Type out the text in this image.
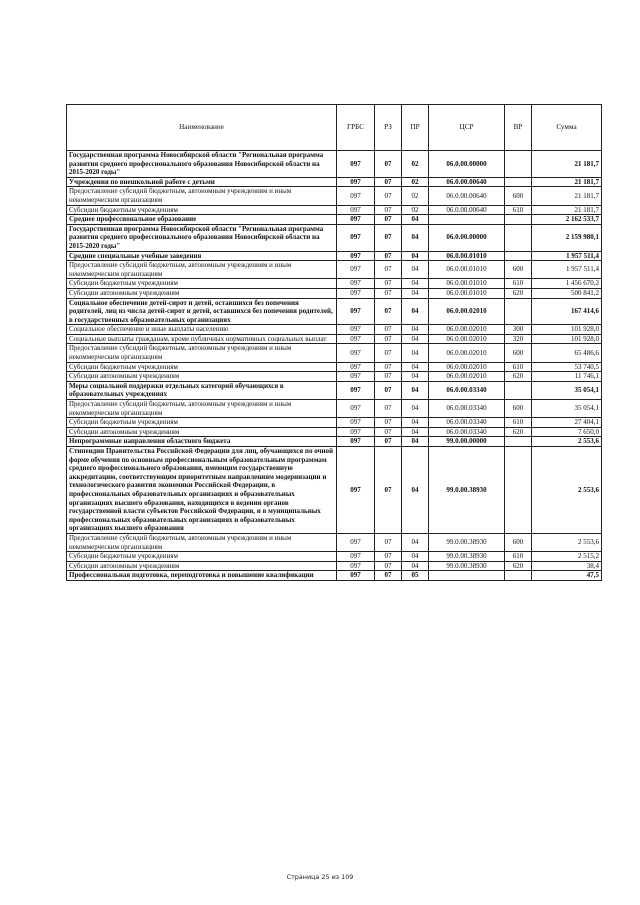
Наименование	ГРБС	РЗ	ПР	ЦСР	ВР	Сумма
Государственная программа Новосибирской области "Региональная программа развития среднего профессионального образования Новосибирской области на 2015-2020 годы"	097	07	02	06.0.00.00000		21 181,7
Учреждения по внешкольной работе с детьми	097	07	02	06.0.00.00640		21 181,7
Предоставление субсидий бюджетным, автономным учреждениям и иным некоммерческим организациям	097	07	02	06.0.00.00640	600	21 181,7
Субсидии бюджетным учреждениям	097	07	02	06.0.00.00640	610	21 181,7
Среднее профессиональное образование	097	07	04			2 162 533,7
Государственная программа Новосибирской области "Региональная программа развития среднего профессионального образования Новосибирской области на 2015-2020 годы"	097	07	04	06.0.00.00000		2 159 980,1
Средние специальные учебные заведения	097	07	04	06.0.00.01010		1 957 511,4
Предоставление субсидий бюджетным, автономным учреждениям и иным некоммерческим организациям	097	07	04	06.0.00.01010	600	1 957 511,4
Субсидии бюджетным учреждениям	097	07	04	06.0.00.01010	610	1 456 670,2
Субсидии автономным учреждениям	097	07	04	06.0.00.01010	620	500 841,2
Социальное обеспечение детей-сирот и детей, оставшихся без попечения родителей, лиц из числа детей-сирот и детей, оставшихся без попечения родителей, в государственных образовательных организациях	097	07	04	06.0.00.02010		167 414,6
Социальное обеспечение и иные выплаты населению	097	07	04	06.0.00.02010	300	101 928,0
Социальные выплаты гражданам, кроме публичных нормативных социальных выплат	097	07	04	06.0.00.02010	320	101 928,0
Предоставление субсидий бюджетным, автономным учреждениям и иным некоммерческим организациям	097	07	04	06.0.00.02010	600	65 486,6
Субсидии бюджетным учреждениям	097	07	04	06.0.00.02010	610	53 740,5
Субсидии автономным учреждениям	097	07	04	06.0.00.02010	620	11 746,1
Меры социальной поддержки отдельных категорий обучающихся в образовательных учреждениях	097	07	04	06.0.00.03340		35 054,1
Предоставление субсидий бюджетным, автономным учреждениям и иным некоммерческим организациям	097	07	04	06.0.00.03340	600	35 054,1
Субсидии бюджетным учреждениям	097	07	04	06.0.00.03340	610	27 404,1
Субсидии автономным учреждениям	097	07	04	06.0.00.03340	620	7 650,0
Непрограммные направления областного бюджета	097	07	04	99.0.00.00000		2 553,6
Стипендии Правительства Российской Федерации для лиц, обучающихся по очной форме обучения по основным профессиональным образовательным программам среднего профессионального образования, имеющим государственную аккредитацию, соответствующим приоритетным направлениям модернизации и технологического развития экономики Российской Федерации, в профессиональных образовательных организациях и образовательных организациях высшего образования, находящихся в ведении органов государственной власти субъектов Российской Федерации, и в муниципальных профессиональных образовательных организациях и образовательных организациях высшего образования	097	07	04	99.0.00.38930		2 553,6
Предоставление субсидий бюджетным, автономным учреждениям и иным некоммерческим организациям	097	07	04	99.0.00.38930	600	2 553,6
Субсидии бюджетным учреждениям	097	07	04	99.0.00.38930	610	2 515,2
Субсидии автономным учреждениям	097	07	04	99.0.00.38930	620	38,4
Профессиональная подготовка, переподготовка и повышение квалификации	097	07	05			47,5
Страница 25 из 109
